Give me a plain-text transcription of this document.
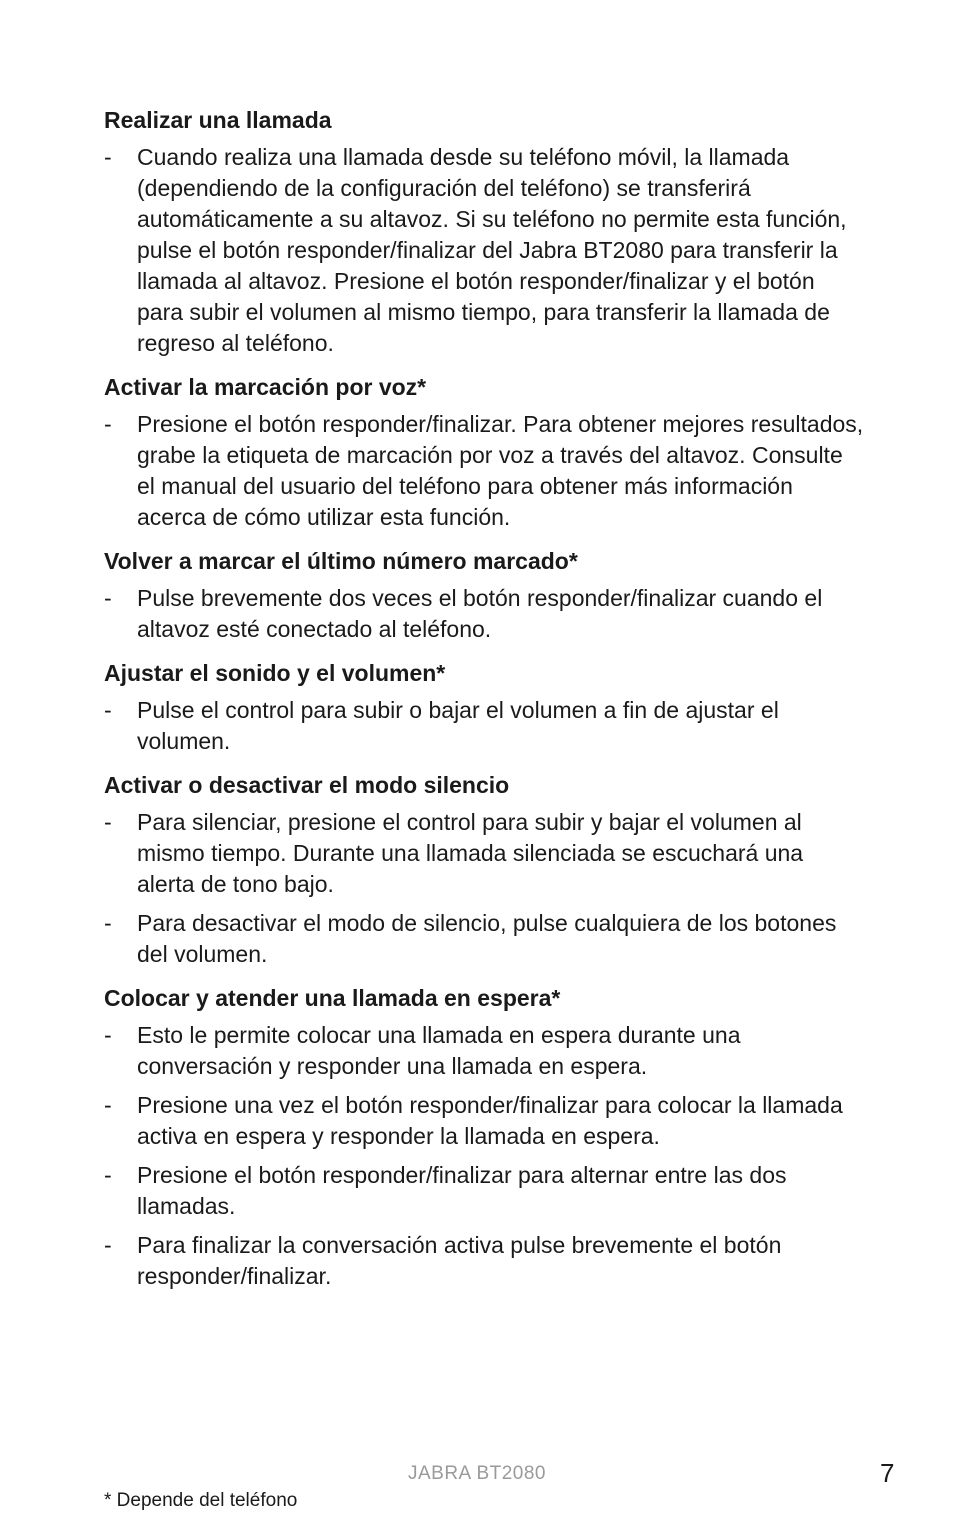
Realizar una llamada
-	Cuando realiza una llamada desde su teléfono móvil, la llamada (dependiendo de la configuración del teléfono) se transferirá automáticamente a su altavoz. Si su teléfono no permite esta función, pulse el botón responder/finalizar del Jabra BT2080 para transferir la llamada al altavoz. Presione el botón responder/finalizar y el botón para subir el volumen al mismo tiempo, para transferir la llamada de regreso al teléfono.
Activar la marcación por voz*
-	Presione el botón responder/finalizar. Para obtener mejores resultados, grabe la etiqueta de marcación por voz a través del altavoz. Consulte el manual del usuario del teléfono para obtener más información acerca de cómo utilizar esta función.
Volver a marcar el último número marcado*
-	Pulse brevemente dos veces el botón responder/finalizar cuando el altavoz esté conectado al teléfono.
Ajustar el sonido y el volumen*
-	Pulse el control para subir o bajar el volumen a fin de ajustar el volumen.
Activar o desactivar el modo silencio
-	Para silenciar, presione el control para subir y bajar el volumen al mismo tiempo. Durante una llamada silenciada se escuchará una alerta de tono bajo.
-	Para desactivar el modo de silencio, pulse cualquiera de los botones del volumen.
Colocar y atender una llamada en espera*
-	Esto le permite colocar una llamada en espera durante una conversación y responder una llamada en espera.
-	Presione una vez el botón responder/finalizar para colocar la llamada activa en espera y responder la llamada en espera.
-	Presione el botón responder/finalizar para alternar entre las dos llamadas.
-	Para finalizar la conversación activa pulse brevemente el botón responder/finalizar.
JABRA BT2080	7
* Depende del teléfono
